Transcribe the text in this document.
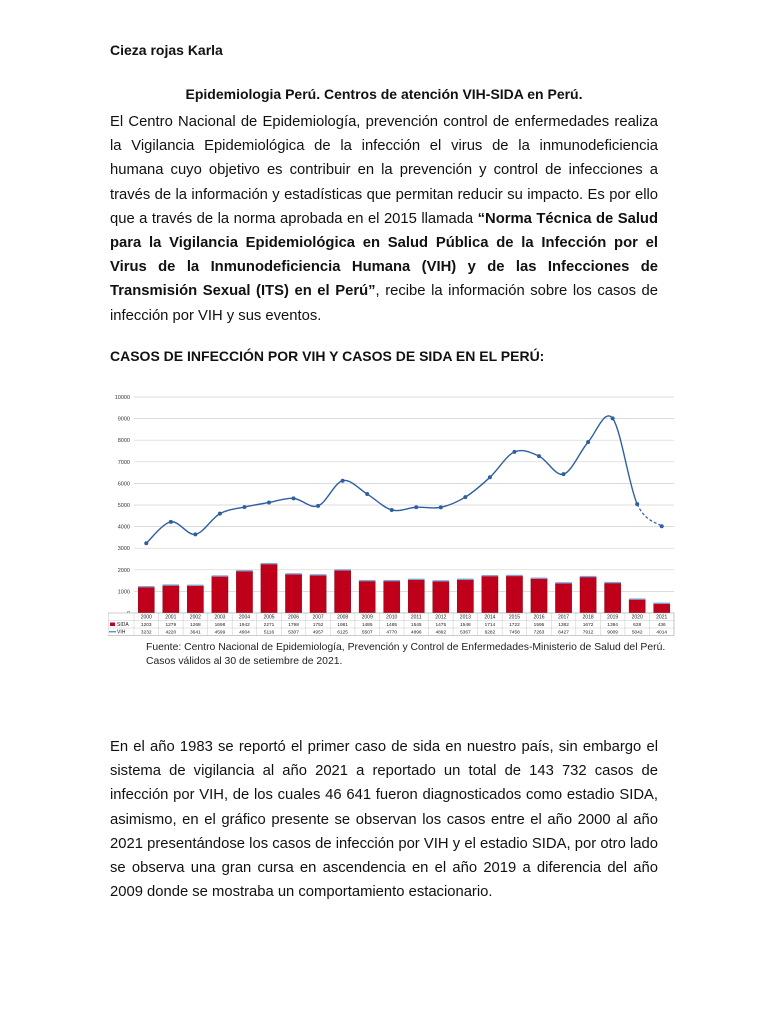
Cieza rojas Karla
Epidemiologia Perú. Centros de atención VIH-SIDA en Perú.

El Centro Nacional de Epidemiología, prevención control de enfermedades realiza la Vigilancia Epidemiológica de la infección el virus de la inmunodeficiencia humana cuyo objetivo es contribuir en la prevención y control de infecciones a través de la información y estadísticas que permitan reducir su impacto. Es por ello que a través de la norma aprobada en el 2015 llamada “Norma Técnica de Salud para la Vigilancia Epidemiológica en Salud Pública de la Infección por el Virus de la Inmunodeficiencia Humana (VIH) y de las Infecciones de Transmisión Sexual (ITS) en el Perú”, recibe la información sobre los casos de infección por VIH y sus eventos.

CASOS DE INFECCIÓN POR VIH Y CASOS DE SIDA EN EL PERÚ:
1000
2000
3000
4000
5000
6000
7000
8000
9000
10000
SIDA
VIH
2000
1203
3232
2001
1279
4220
2002
1268
3641
2003
1698
4599
2004
1942
4904
2005
2271
5116
2006
1798
5307
2007
1752
4957
2008
1981
6125
2009
1485
5507
2010
1485
4770
2011
1545
4896
2012
1475
4892
2013
1548
5367
2014
1714
6282
2015
1722
7458
2016
1595
7263
2017
1382
6427
2018
1672
7912
2019
1394
9009
2020
628
5042
2021
436
4014
Fuente: Centro Nacional de Epidemiología, Prevención y Control de Enfermedades-Ministerio de Salud del Perú.
Casos válidos al 30 de setiembre de 2021.

En el año 1983 se reportó el primer caso de sida en nuestro país, sin embargo el sistema de vigilancia al año 2021 a reportado un total de 143 732 casos de infección por VIH, de los cuales 46 641 fueron diagnosticados como estadio SIDA, asimismo, en el gráfico presente se observan los casos entre el año 2000 al año 2021 presentándose los casos de infección por VIH y el estadio SIDA, por otro lado se observa una gran cursa en ascendencia en el año 2019 a diferencia del año 2009 donde se mostraba un comportamiento estacionario.
